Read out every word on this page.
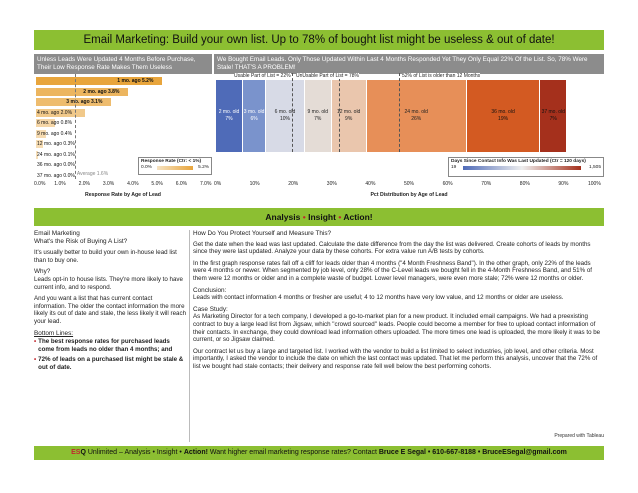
Email Marketing: Build your own list. Up to 78% of bought list might be useless & out of date!
Unless Leads Were Updated 4 Months Before Purchase, Their Low Response Rate Makes Them Useless
1 mo. ago 5.2%
2 mo. ago 3.8%
3 mo. ago 3.1%
4 mo. ago 2.0%
6 mo. ago 0.8%
9 mo. ago 0.4%
12 mo. ago 0.3%
24 mo. ago 0.1%
36 mo. ago 0.0%
37 mo. ago 0.0% Average 1.6%
Response Rate (Ctr: < 1%)
0.0%	5.2%
0.0% 1.0%	2.0%	3.0%	4.0%	5.0%	6.0%	7.0%
Response Rate by Age of Lead
We Bought Email Leads. Only Those Updated Within Last 4 Months Responded Yet They Only Equal 22% Of the List. So, 78% Were Stale! THAT'S A PROBLEM!
2 mo. old
7%
3 mo. old
6%
6 mo. old
10%
9 mo. old
7%
12 mo. old
9%
24 mo. old
26%
36 mo. old
19%
37 mo. old
7%
Usable Part of List = 22% UnUsable Part of List = 78%	52% of List is older than 12 Months
Days Since Contact Info Was Last Updated (Ctr = 120 days)
19	1,505
0%	10%	20%	30%	40%	50%	60%	70%	80%	90%	100%
Pct Distribution by Age of Lead
Analysis • Insight • Action!
Email Marketing
What's the Risk of Buying A List?

It's usually better to build your own in-house lead list than to buy one.

Why?

Leads opt-in to house lists. They're more likely to have current info, and to respond.

And you want a list that has current contact information. The older the contact information the more likely its out of date and stale, the less likely it will reach your lead.

Bottom Lines:
• The best response rates for purchased leads come from leads no older than 4 months; and
• 72% of leads on a purchased list might be stale & out of date.
How Do You Protect Yourself and Measure This?

Get the date when the lead was last updated. Calculate the date difference from the day the list was delivered. Create cohorts of leads by months since they were last updated. Analyze your data by these cohorts. For extra value run A/B tests by cohorts.

In the first graph response rates fall off a cliff for leads older than 4 months ("4 Month Freshness Band"). In the other graph, only 22% of the leads were 4 months or newer. When segmented by job level, only 28% of the C-Level leads we bought fell in the 4-Month Freshness Band, and 51% of them were 12 months or older and in a complete waste of budget. Lower level managers, were even more stale; 72% were 12 months or older.

Conclusion:

Leads with contact information 4 months or fresher are useful; 4 to 12 months have very low value, and 12 months or older are useless.

Case Study:

As Marketing Director for a tech company, I developed a go-to-market plan for a new product. It included email campaigns. We had a preexisting contract to buy a large lead list from Jigsaw, which "crowd sourced" leads. People could become a member for free to upload contact information of their contacts. In exchange, they could download lead information others uploaded. The more times one lead is uploaded, the more likely it was to be current, or so Jigsaw claimed.

Our contract let us buy a large and targeted list. I worked with the vendor to build a list limited to select industries, job level, and other criteria. Most importantly, I asked the vendor to include the date on which the last contact was updated. That let me perform this analysis, uncover that the 72% of list we bought had stale contacts; their delivery and response rate fell well below the best performing cohorts.

Prepared with Tableau
ESQ Unlimited – Analysis • Insight • Action! Want higher email marketing response rates? Contact Bruce E Segal • 610-667-8188 • BruceESegal@gmail.com
